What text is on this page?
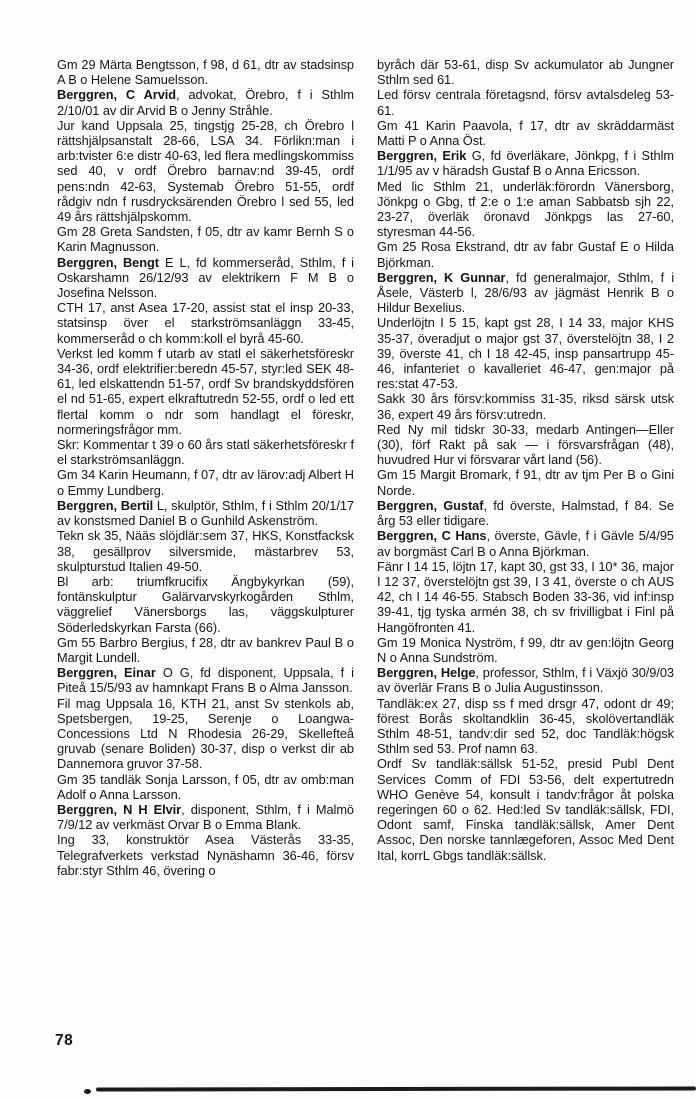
Gm 29 Märta Bengtsson, f 98, d 61, dtr av stadsinsp A B o Helene Samuelsson.

Berggren, C Arvid, advokat, Örebro, f i Sthlm 2/10/01 av dir Arvid B o Jenny Stråhle.

Jur kand Uppsala 25, tingstjg 25-28, ch Örebro l rättshjälpsanstalt 28-66, LSA 34. Förlikn:man i arb:tvister 6:e distr 40-63, led flera medlingskommiss sed 40, v ordf Örebro barnav:nd 39-45, ordf pens:ndn 42-63, Systemab Örebro 51-55, ordf rådgiv ndn f rusdrycksärenden Örebro l sed 55, led 49 års rättshjälpskomm.

Gm 28 Greta Sandsten, f 05, dtr av kamr Bernh S o Karin Magnusson.

Berggren, Bengt E L, fd kommerseråd, Sthlm, f i Oskarshamn 26/12/93 av elektrikern F M B o Josefina Nelsson.

CTH 17, anst Asea 17-20, assist stat el insp 20-33, statsinsp över el starkströmsanläggn 33-45, kommerseråd o ch komm:koll el byrå 45-60.

Verkst led komm f utarb av statl el säkerhetsföreskr 34-36, ordf elektrifier:beredn 45-57, styr:led SEK 48-61, led elskattendn 51-57, ordf Sv brandskyddsfören el nd 51-65, expert elkraftutredn 52-55, ordf o led ett flertal komm o ndr som handlagt el föreskr, normeringsfrågor mm.

Skr: Kommentar t 39 o 60 års statl säkerhetsföreskr f el starkströmsanläggn.

Gm 34 Karin Heumann, f 07, dtr av lärov:adj Albert H o Emmy Lundberg.

Berggren, Bertil L, skulptör, Sthlm, f i Sthlm 20/1/17 av konstsmed Daniel B o Gunhild Askenström.

Tekn sk 35, Nääs slöjdlär:sem 37, HKS, Konstfacksk 38, gesällprov silversmide, mästarbrev 53, skulpturstud Italien 49-50.

Bl arb: triumfkrucifix Ängbykyrkan (59), fontänskulptur Galärvarvskyrkogården Sthlm, väggrelief Vänersborgs las, väggskulpturer Söderledskyrkan Farsta (66).

Gm 55 Barbro Bergius, f 28, dtr av bankrev Paul B o Margit Lundell.

Berggren, Einar O G, fd disponent, Uppsala, f i Piteå 15/5/93 av hamnkapt Frans B o Alma Jansson.

Fil mag Uppsala 16, KTH 21, anst Sv stenkols ab, Spetsbergen, 19-25, Serenje o Loangwa-Concessions Ltd N Rhodesia 26-29, Skellefteå gruvab (senare Boliden) 30-37, disp o verkst dir ab Dannemora gruvor 37-58.

Gm 35 tandläk Sonja Larsson, f 05, dtr av omb:man Adolf o Anna Larsson.

Berggren, N H Elvir, disponent, Sthlm, f i Malmö 7/9/12 av verkmäst Orvar B o Emma Blank.

Ing 33, konstruktör Asea Västerås 33-35, Telegrafverkets verkstad Nynäshamn 36-46, försv fabr:styr Sthlm 46, övering o

byråch där 53-61, disp Sv ackumulator ab Jungner Sthlm sed 61.

Led försv centrala företagsnd, försv avtalsdeleg 53-61.

Gm 41 Karin Paavola, f 17, dtr av skräddarmäst Matti P o Anna Öst.

Berggren, Erik G, fd överläkare, Jönkpg, f i Sthlm 1/1/95 av v häradsh Gustaf B o Anna Ericsson.

Med lic Sthlm 21, underläk:förordn Vänersborg, Jönkpg o Gbg, tf 2:e o 1:e aman Sabbatsb sjh 22, 23-27, överläk öronavd Jönkpgs las 27-60, styresman 44-56.

Gm 25 Rosa Ekstrand, dtr av fabr Gustaf E o Hilda Björkman.

Berggren, K Gunnar, fd generalmajor, Sthlm, f i Åsele, Västerb l, 28/6/93 av jägmäst Henrik B o Hildur Bexelius.

Underlöjtn I 5 15, kapt gst 28, I 14 33, major KHS 35-37, överadjut o major gst 37, överstelöjtn 38, I 2 39, överste 41, ch I 18 42-45, insp pansartrupp 45-46, infanteriet o kavalleriet 46-47, gen:major på res:stat 47-53.

Sakk 30 års försv:kommiss 31-35, riksd särsk utsk 36, expert 49 års försv:utredn.

Red Ny mil tidskr 30-33, medarb Antingen—Eller (30), förf Rakt på sak — i försvarsfrågan (48), huvudred Hur vi försvarar vårt land (56).

Gm 15 Margit Bromark, f 91, dtr av tjm Per B o Gini Norde.

Berggren, Gustaf, fd överste, Halmstad, f 84. Se årg 53 eller tidigare.

Berggren, C Hans, överste, Gävle, f i Gävle 5/4/95 av borgmäst Carl B o Anna Björkman.

Fänr I 14 15, löjtn 17, kapt 30, gst 33, I 10* 36, major I 12 37, överstelöjtn gst 39, I 3 41, överste o ch AUS 42, ch I 14 46-55. Stabsch Boden 33-36, vid inf:insp 39-41, tjg tyska armén 38, ch sv frivilligbat i Finl på Hangöfronten 41.

Gm 19 Monica Nyström, f 99, dtr av gen:löjtn Georg N o Anna Sundström.

Berggren, Helge, professor, Sthlm, f i Växjö 30/9/03 av överlär Frans B o Julia Augustinsson.

Tandläk:ex 27, disp ss f med drsgr 47, odont dr 49; förest Borås skoltandklin 36-45, skolövertandläk Sthlm 48-51, tandv:dir sed 52, doc Tandläk:högsk Sthlm sed 53. Prof namn 63.

Ordf Sv tandläk:sällsk 51-52, presid Publ Dent Services Comm of FDI 53-56, delt expertutredn WHO Genève 54, konsult i tandv:frågor åt polska regeringen 60 o 62. Hed:led Sv tandläk:sällsk, FDI, Odont samf, Finska tandläk:sällsk, Amer Dent Assoc, Den norske tannlægeforen, Assoc Med Dent Ital, korrL Gbgs tandläk:sällsk.

78
